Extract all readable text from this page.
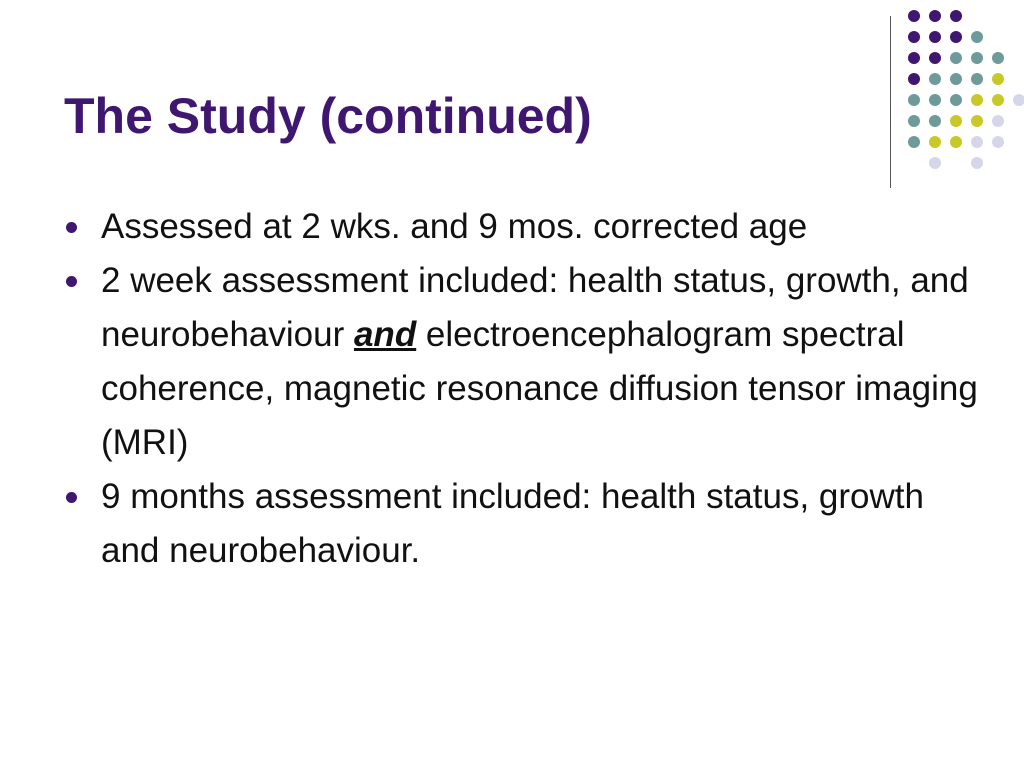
The Study (continued)
Assessed at 2 wks. and 9 mos. corrected age
2 week assessment included: health status, growth, and neurobehaviour and electroencephalogram spectral coherence, magnetic resonance diffusion tensor imaging (MRI)
9 months assessment included: health status, growth and neurobehaviour.
